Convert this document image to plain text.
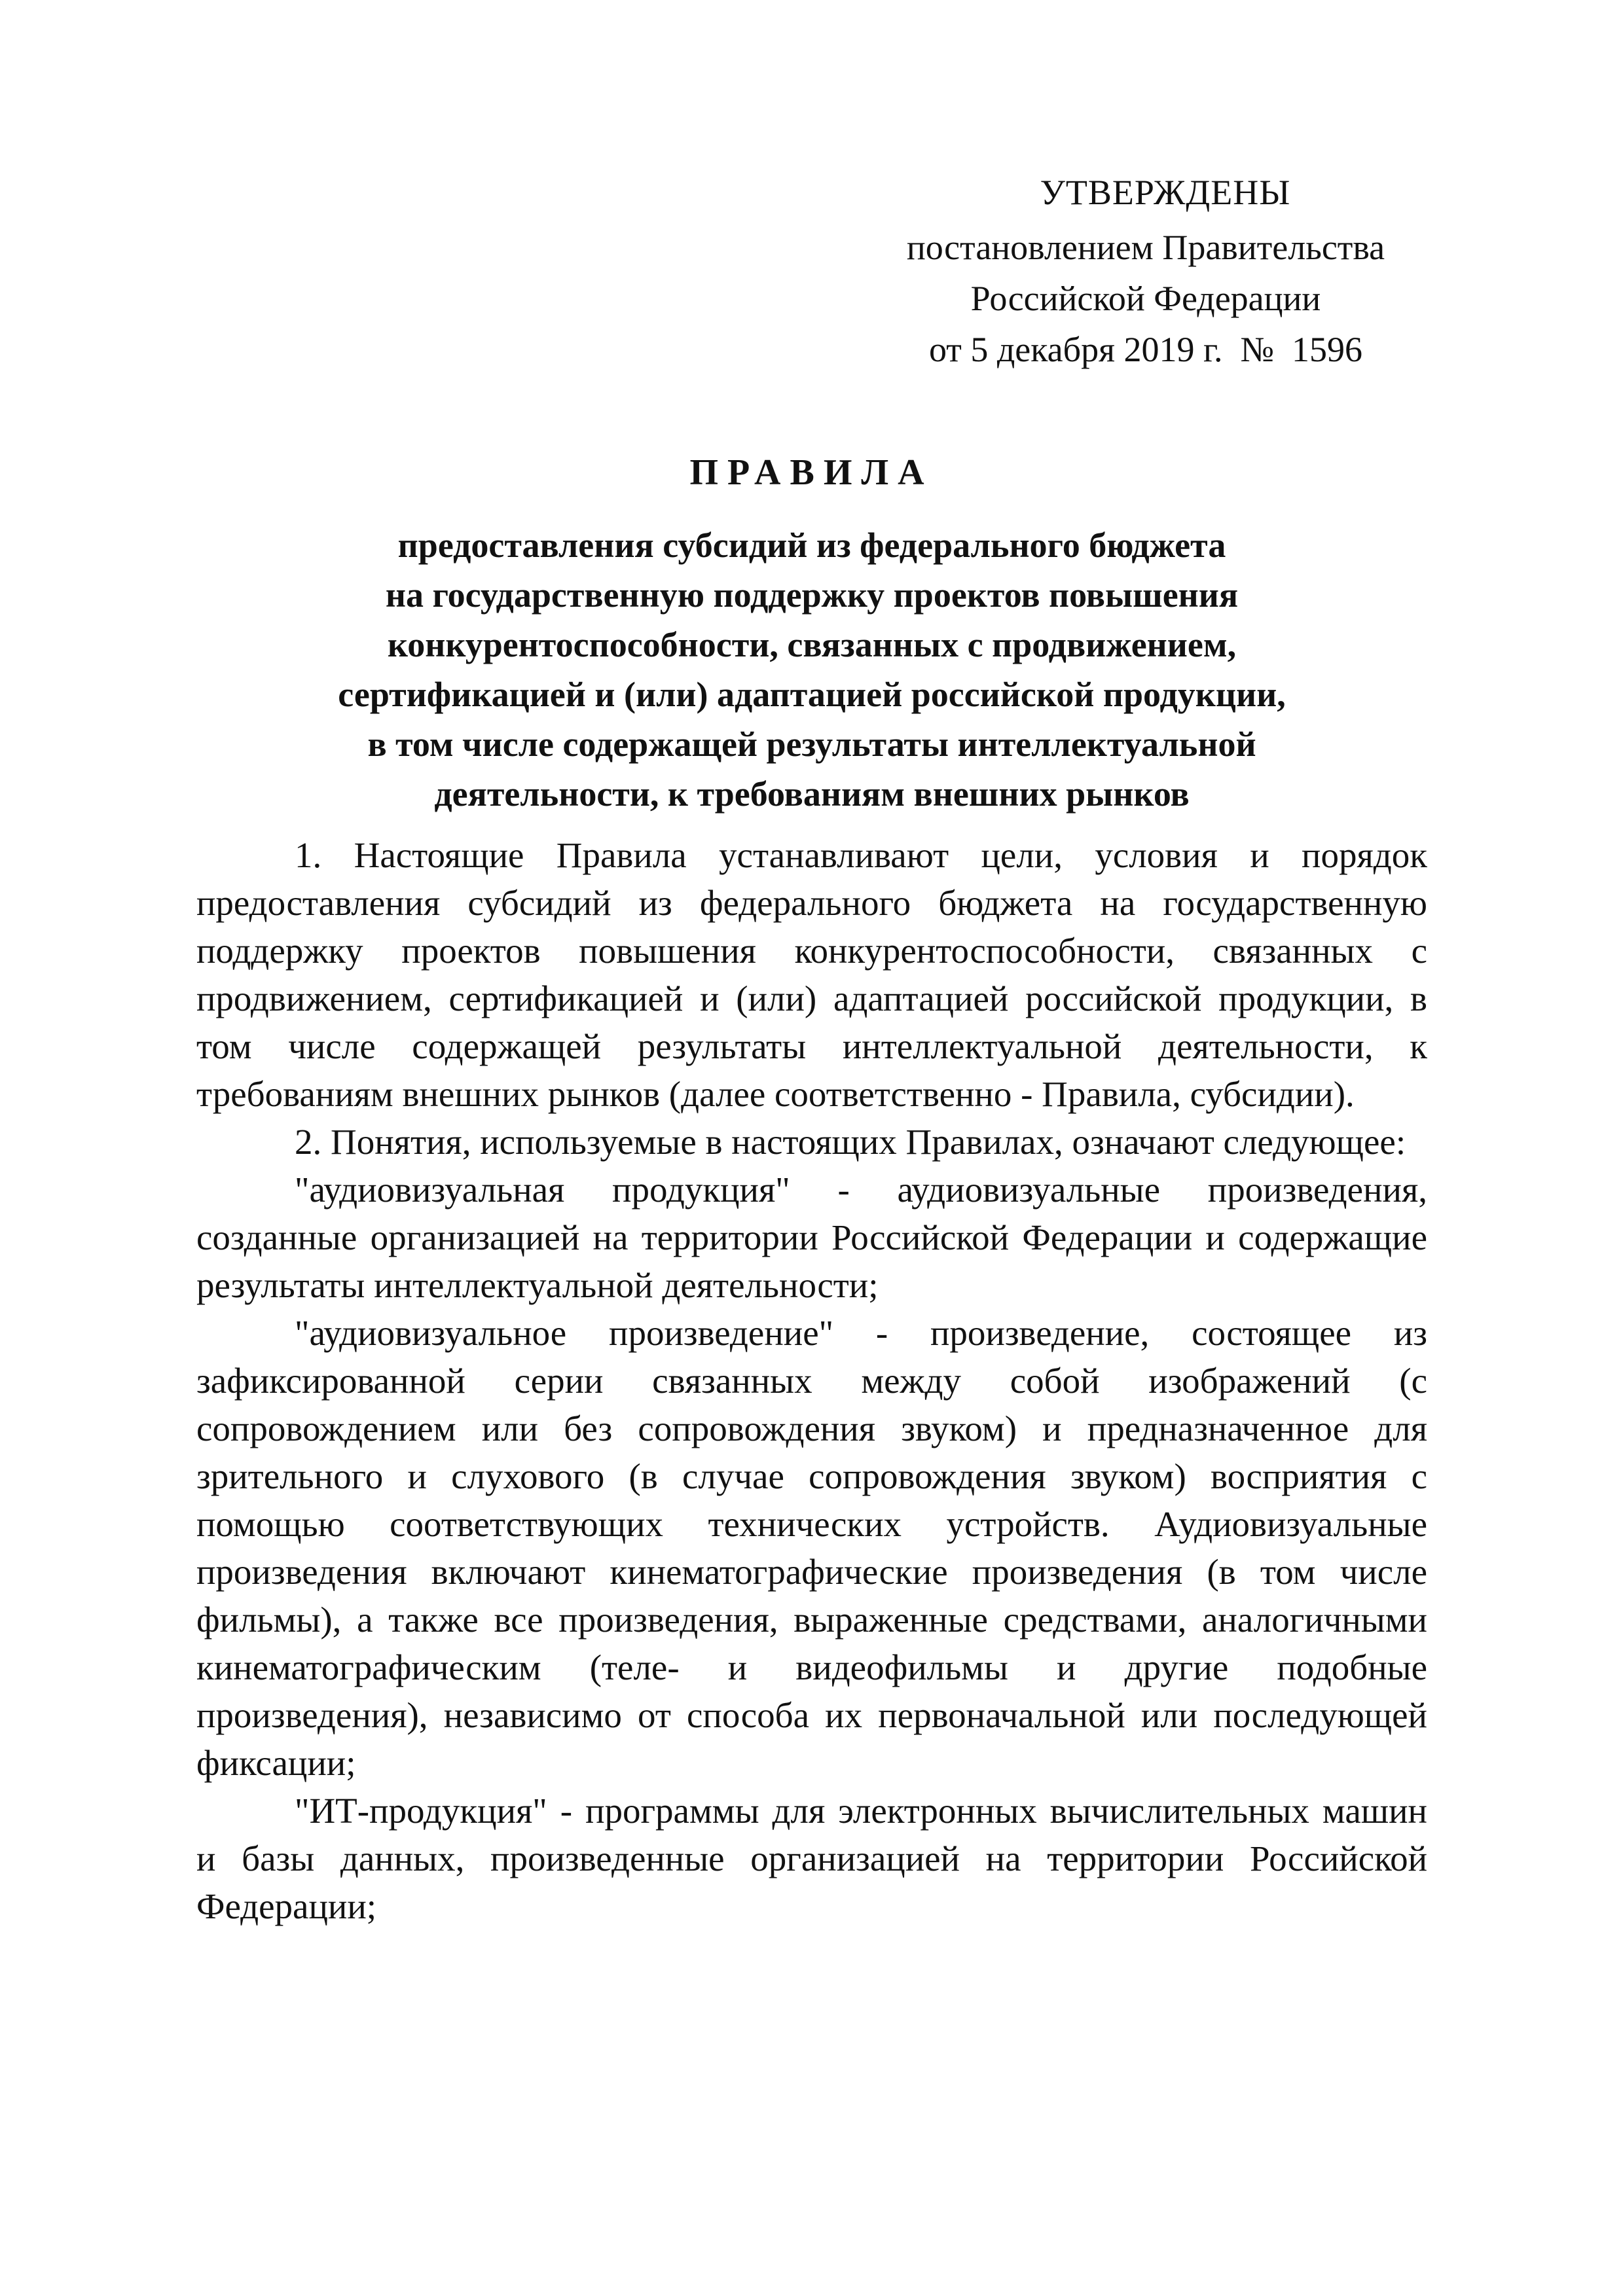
УТВЕРЖДЕНЫ
постановлением Правительства
Российской Федерации
от 5 декабря 2019 г.  №  1596
ПРАВИЛА
предоставления субсидий из федерального бюджета
на государственную поддержку проектов повышения
конкурентоспособности, связанных с продвижением,
сертификацией и (или) адаптацией российской продукции,
в том числе содержащей результаты интеллектуальной
деятельности, к требованиям внешних рынков

1. Настоящие Правила устанавливают цели, условия и порядок предоставления субсидий из федерального бюджета на государственную поддержку проектов повышения конкурентоспособности, связанных с продвижением, сертификацией и (или) адаптацией российской продукции, в том числе содержащей результаты интеллектуальной деятельности, к требованиям внешних рынков (далее соответственно - Правила, субсидии).

2. Понятия, используемые в настоящих Правилах, означают следующее:

"аудиовизуальная продукция" - аудиовизуальные произведения, созданные организацией на территории Российской Федерации и содержащие результаты интеллектуальной деятельности;

"аудиовизуальное произведение" - произведение, состоящее из зафиксированной серии связанных между собой изображений (с сопровождением или без сопровождения звуком) и предназначенное для зрительного и слухового (в случае сопровождения звуком) восприятия с помощью соответствующих технических устройств. Аудиовизуальные произведения включают кинематографические произведения (в том числе фильмы), а также все произведения, выраженные средствами, аналогичными кинематографическим (теле- и видеофильмы и другие подобные произведения), независимо от способа их первоначальной или последующей фиксации;

"ИТ-продукция" - программы для электронных вычислительных машин и базы данных, произведенные организацией на территории Российской Федерации;
